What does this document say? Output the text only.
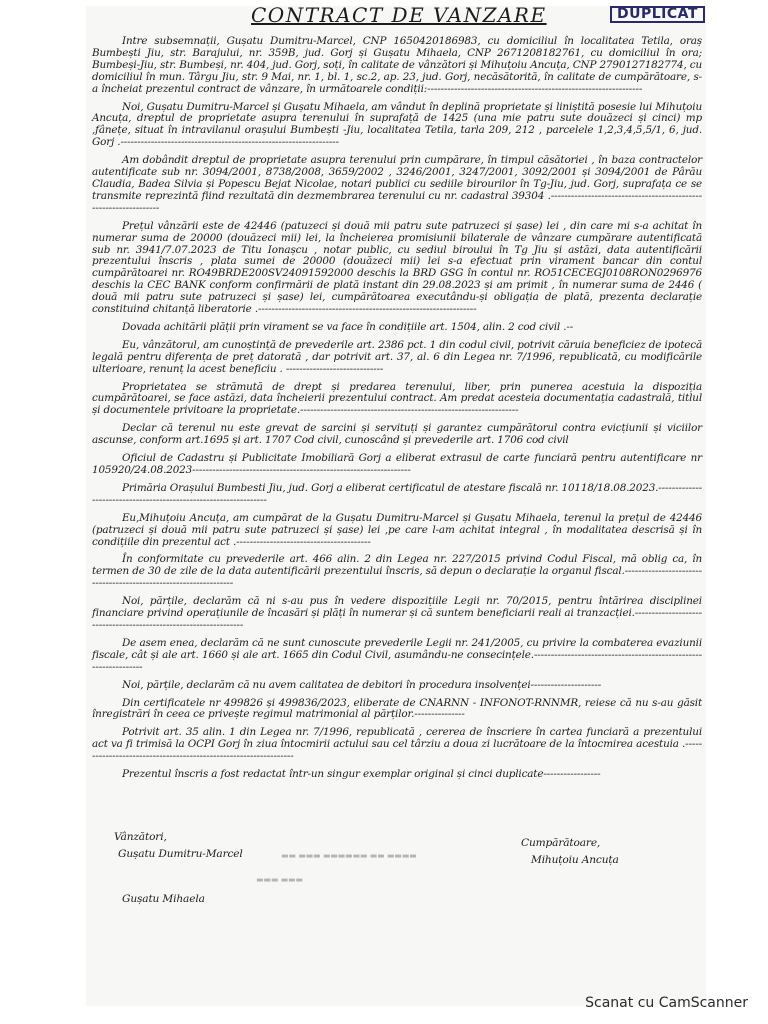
CONTRACT DE VANZARE	DUPLICAT

Intre subsemnații, Gușatu Dumitru-Marcel, CNP 1650420186983, cu domiciliul în localitatea Tetila, oraș Bumbești Jiu, str. Barajului, nr. 359B, jud. Gorj și Gușatu Mihaela, CNP 2671208182761, cu domiciliul în ora; Bumbeși-Jiu, str. Bumbeși, nr. 404, jud. Gorj, soți, în calitate de vânzători și Mihuțoiu Ancuța, CNP 2790127182774, cu domiciliul în mun. Târgu Jiu, str. 9 Mai, nr. 1, bl. 1, sc.2, ap. 23, jud. Gorj, necăsătorită, în calitate de cumpărătoare, s-a încheiat prezentul contract de vânzare, în următoarele condiții:----------------------------------------------------------------

Noi, Gușatu Dumitru-Marcel și Gușatu Mihaela, am vândut în deplină proprietate și liniștită posesie lui Mihuțoiu Ancuța, dreptul de proprietate asupra terenului în suprafață de 1425 (una mie patru sute douăzeci și cinci) mp ,fânețe, situat în intravilanul orașului Bumbești -Jiu, localitatea Tetila, tarla 209, 212 , parcelele 1,2,3,4,5,5/1, 6, jud. Gorj .-----------------------------------------------------------------

Am dobândit dreptul de proprietate asupra terenului prin cumpărare, în timpul căsătoriei , în baza contractelor autentificate sub nr. 3094/2001, 8738/2008, 3659/2002 , 3246/2001, 3247/2001, 3092/2001 și 3094/2001 de Pârău Claudia, Badea Silvia și Popescu Bejat Nicolae, notari publici cu sediile birourilor în Tg-Jiu, jud. Gorj, suprafața ce se transmite reprezintă fiind rezultată din dezmembrarea terenului cu nr. cadastral 39304 .-----------------------------------------------------------------

Prețul vânzării este de 42446 (patuzeci și două mii patru sute patruzeci și șase) lei , din care mi s-a achitat în numerar suma de 20000 (douăzeci mii) lei, la încheierea promisiunii bilaterale de vânzare cumpărare autentificată sub nr. 3941/7.07.2023 de Titu Ionașcu , notar public, cu sediul biroului în Tg Jiu și astăzi, data autentificării prezentului înscris , plata sumei de 20000 (douăzeci mii) lei s-a efectuat prin virament bancar din contul cumpărătoarei nr. RO49BRDE200SV24091592000 deschis la BRD GSG în contul nr. RO51CECEGJ0108RON0296976 deschis la CEC BANK conform confirmării de plată instant din 29.08.2023 și am primit , în numerar suma de 2446 ( două mii patru sute patruzeci și șase) lei, cumpărătoarea executându-și obligația de plată, prezenta declarație constituind chitanță liberatorie .-----------------------------------------------------------------

Dovada achitării plății prin virament se va face în condițiile art. 1504, alin. 2 cod civil .--

Eu, vânzătorul, am cunoștință de prevederile art. 2386 pct. 1 din codul civil, potrivit căruia beneficiez de ipotecă legală pentru diferența de preț datorată , dar potrivit art. 37, al. 6 din Legea nr. 7/1996, republicată, cu modificările ulterioare, renunț la acest beneficiu . -----------------------------

Proprietatea se strămută de drept și predarea terenului, liber, prin punerea acestuia la dispoziția cumpărătoarei, se face astăzi, data încheierii prezentului contract. Am predat acesteia documentația cadastrală, titlul și documentele privitoare la proprietate.-----------------------------------------------------------------

Declar că terenul nu este grevat de sarcini și servituți și garantez cumpărătorul contra evicțiunii și viciilor ascunse, conform art.1695 și art. 1707 Cod civil, cunoscând și prevederile art. 1706 cod civil

Oficiul de Cadastru și Publicitate Imobiliară Gorj a eliberat extrasul de carte funciară pentru autentificare nr 105920/24.08.2023-----------------------------------------------------------------

Primăria Orașului Bumbesti Jiu, jud. Gorj a eliberat certificatul de atestare fiscală nr. 10118/18.08.2023.-----------------------------------------------------------------

Eu,Mihuțoiu Ancuța, am cumpărat de la Gușatu Dumitru-Marcel și Gușatu Mihaela, terenul la prețul de 42446 (patruzeci și două mii patru sute patruzeci și șase) lei ,pe care l-am achitat integral , în modalitatea descrisă și în condițiile din prezentul act .----------------------------------------

În conformitate cu prevederile art. 466 alin. 2 din Legea nr. 227/2015 privind Codul Fiscal, mă oblig ca, în termen de 30 de zile de la data autentificării prezentului înscris, să depun o declarație la organul fiscal.-----------------------------------------------------------------

Noi, părțile, declarăm că ni s-au pus în vedere dispozițiile Legii nr. 70/2015, pentru întărirea disciplinei financiare privind operațiunile de încasări și plăți în numerar și că suntem beneficiarii reali ai tranzacției.-----------------------------------------------------------------

De asem enea, declarăm că ne sunt cunoscute prevederile Legii nr. 241/2005, cu privire la combaterea evaziunii fiscale, cât și ale art. 1660 și ale art. 1665 din Codul Civil, asumându-ne consecințele.-----------------------------------------------------------------

Noi, părțile, declarăm că nu avem calitatea de debitori în procedura insolvenței---------------------

Din certificatele nr 499826 și 499836/2023, eliberate de CNARNN - INFONOT-RNNMR, reiese că nu s-au găsit înregistrări în ceea ce privește regimul matrimonial al părților.---------------

Potrivit art. 35 alin. 1 din Legea nr. 7/1996, republicată , cererea de înscriere în cartea funciară a prezentului act va fi trimisă la OCPI Gorj în ziua întocmirii actului sau cel târziu a doua zi lucrătoare de la întocmirea acestuia .-----------------------------------------------------------------

Prezentul înscris a fost redactat într-un singur exemplar original și cinci duplicate-----------------

Vânzători,
Gușatu Dumitru-Marcel
Cumpărătoare,
Mihuțoiu Ancuța
Gușatu Mihaela
▬▬ ▬▬▬ ▬▬▬▬▬▬ ▬▬ ▬▬▬▬
▬▬▬ ▬▬▬
Scanat cu CamScanner
